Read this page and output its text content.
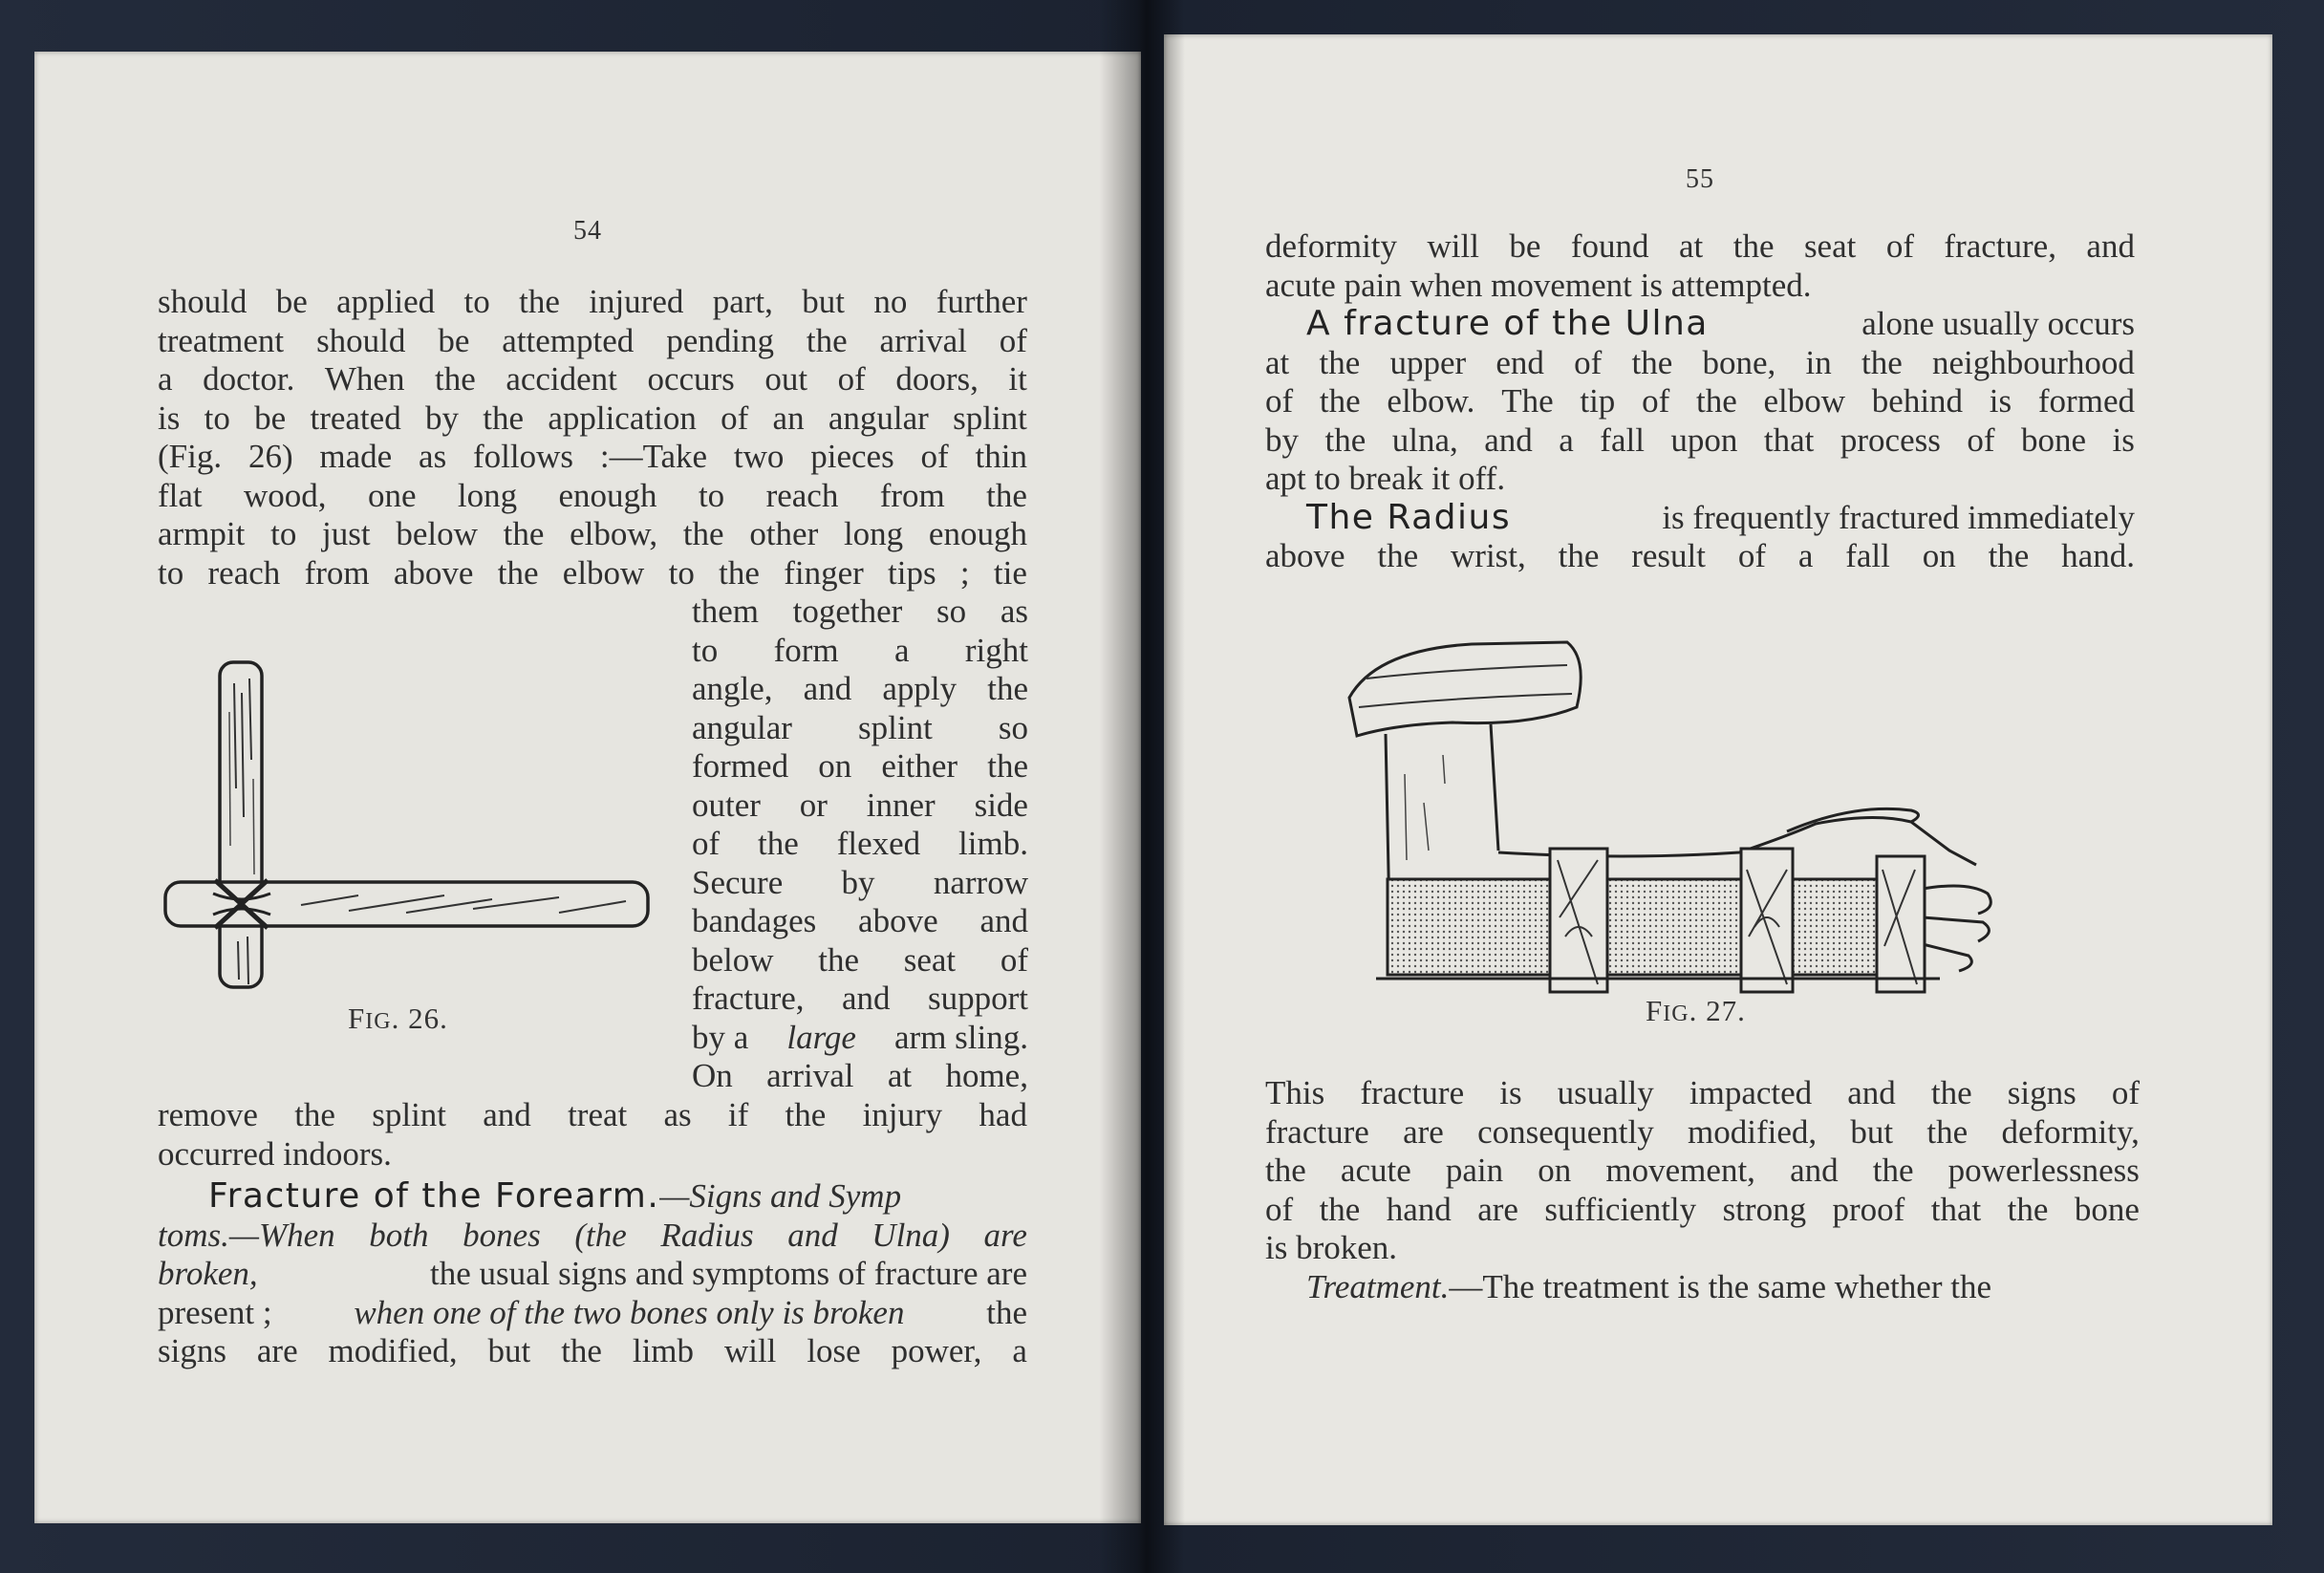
54
should be applied to the injured part, but no further
treatment should be attempted pending the arrival of
a doctor. When the accident occurs out of doors, it
is to be treated by the application of an angular splint
(Fig. 26) made as follows :—Take two pieces of thin
flat wood, one long enough to reach from the
armpit to just below the elbow, the other long enough
to reach from above the elbow to the finger tips ; tie
them together so as
to form a right
angle, and apply the
angular splint so
formed on either the
outer or inner side
of the flexed limb.
Secure by narrow
bandages above and
below the seat of
fracture, and support
by a large arm sling.
On arrival at home,
FIG. 26.
remove the splint and treat as if the injury had
occurred indoors.
Fracture of the Forearm. —Signs and Symp
toms.—When both bones (the Radius and Ulna) are
broken,	the usual signs and symptoms of fracture are
present ; when one of the two bones only is broken the
signs are modified, but the limb will lose power, a
55
deformity will be found at the seat of fracture, and
acute pain when movement is attempted.
A fracture of the Ulna	alone usually occurs
at the upper end of the bone, in the neighbourhood
of the elbow. The tip of the elbow behind is formed
by the ulna, and a fall upon that process of bone is
apt to break it off.
The Radius	is frequently fractured immediately
above the wrist, the result of a fall on the hand.
FIG. 27.
This fracture is usually impacted and the signs of
fracture are consequently modified, but the deformity,
the acute pain on movement, and the powerlessness
of the hand are sufficiently strong proof that the bone
is broken.
Treatment. —The treatment is the same whether the
